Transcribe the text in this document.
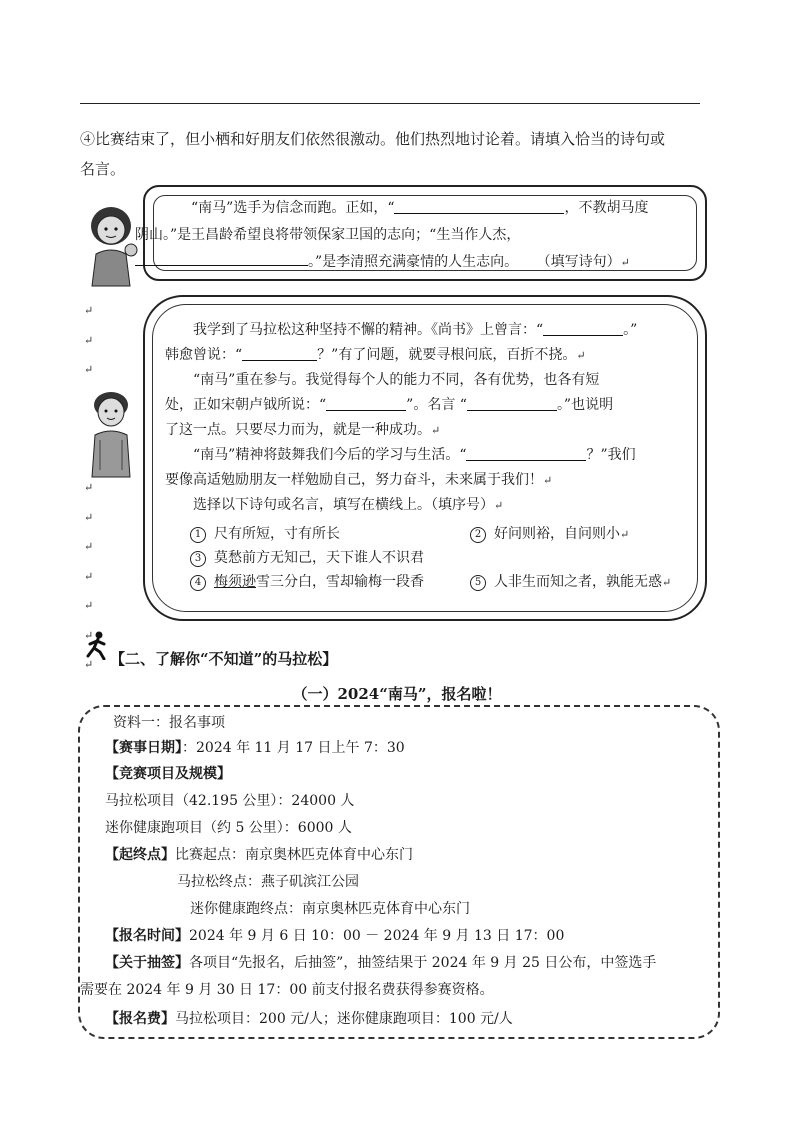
④比赛结束了，但小栖和好朋友们依然很激动。他们热烈地讨论着。请填入恰当的诗句或
名言。
“南马”选手为信念而跑。正如，“	，不教胡马度
阴山。”是王昌龄希望良将带领保家卫国的志向；“生当作人杰，
。”是李清照充满豪情的人生志向。 （填写诗句）↵
↵
↵
↵

↵
↵
↵
↵
↵
↵
↵
我学到了马拉松这种坚持不懈的精神。《尚书》上曾言：“	。”
韩愈曾说：“	？”有了问题，就要寻根问底，百折不挠。↵
“南马”重在参与。我觉得每个人的能力不同，各有优势，也各有短
处，正如宋朝卢钺所说：“	”。名言 “	。”也说明
了这一点。只要尽力而为，就是一种成功。↵
“南马”精神将鼓舞我们今后的学习与生活。“	？”我们
要像高适勉励朋友一样勉励自己，努力奋斗，未来属于我们！↵
选择以下诗句或名言，填写在横线上。（填序号）↵
1 尺有所短，寸有所长	2 好问则裕，自问则小↵
3 莫愁前方无知己，天下谁人不识君
4 梅须逊雪三分白，雪却输梅一段香	5 人非生而知之者，孰能无惑↵
【二、了解你“不知道”的马拉松】
（一）2024“南马”，报名啦！
资料一：报名事项
【赛事日期】：2024 年 11 月 17 日上午 7：30
【竞赛项目及规模】
马拉松项目（42.195 公里）：24000 人
迷你健康跑项目（约 5 公里）：6000 人
【起终点】比赛起点：南京奥林匹克体育中心东门
马拉松终点：燕子矶滨江公园
迷你健康跑终点：南京奥林匹克体育中心东门
【报名时间】2024 年 9 月 6 日 10：00 － 2024 年 9 月 13 日 17：00
【关于抽签】各项目“先报名，后抽签”，抽签结果于 2024 年 9 月 25 日公布，中签选手
需要在 2024 年 9 月 30 日 17：00 前支付报名费获得参赛资格。
【报名费】马拉松项目：200 元/人；迷你健康跑项目：100 元/人
